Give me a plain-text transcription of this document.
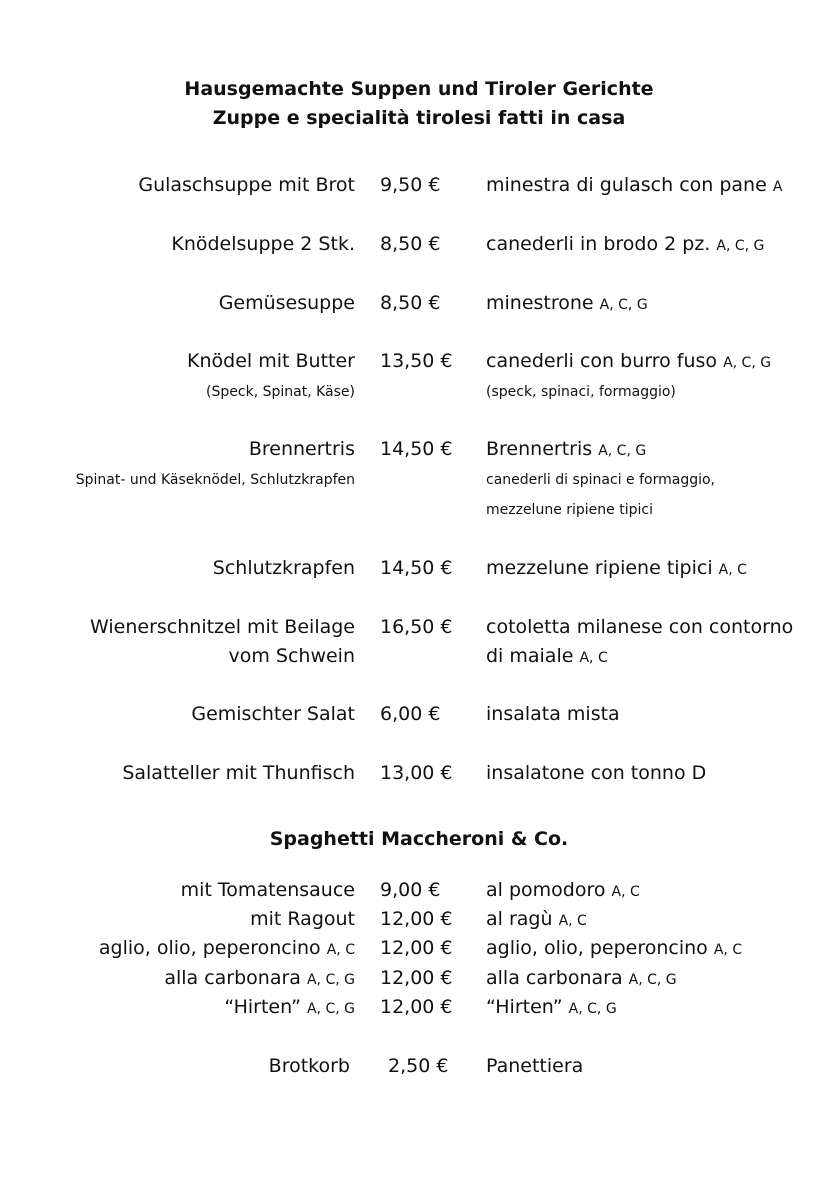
Hausgemachte Suppen und Tiroler Gerichte
Zuppe e specialità tirolesi fatti in casa
Gulaschsuppe mit Brot 9,50 € minestra di gulasch con pane A
Knödelsuppe 2 Stk. 8,50 € canederli in brodo 2 pz. A, C, G
Gemüsesuppe 8,50 € minestrone A, C, G
Knödel mit Butter
(Speck, Spinat, Käse)
13,50 € canederli con burro fuso A, C, G
(speck, spinaci, formaggio)
Brennertris
Spinat- und Käseknödel, Schlutzkrapfen
14,50 € Brennertris A, C, G
canederli di spinaci e formaggio,
mezzelune ripiene tipici
Schlutzkrapfen 14,50 € mezzelune ripiene tipici A, C
Wienerschnitzel mit Beilage
vom Schwein
16,50 € cotoletta milanese con contorno
di maiale A, C
Gemischter Salat 6,00 € insalata mista
Salatteller mit Thunfisch 13,00 € insalatone con tonno D
Spaghetti Maccheroni & Co.
mit Tomatensauce 9,00 € al pomodoro A, C
mit Ragout 12,00 € al ragù A, C
aglio, olio, peperoncino A, C 12,00 € aglio, olio, peperoncino A, C
alla carbonara A, C, G 12,00 € alla carbonara A, C, G
“Hirten” A, C, G 12,00 € “Hirten” A, C, G
Brotkorb 2,50 € Panettiera
